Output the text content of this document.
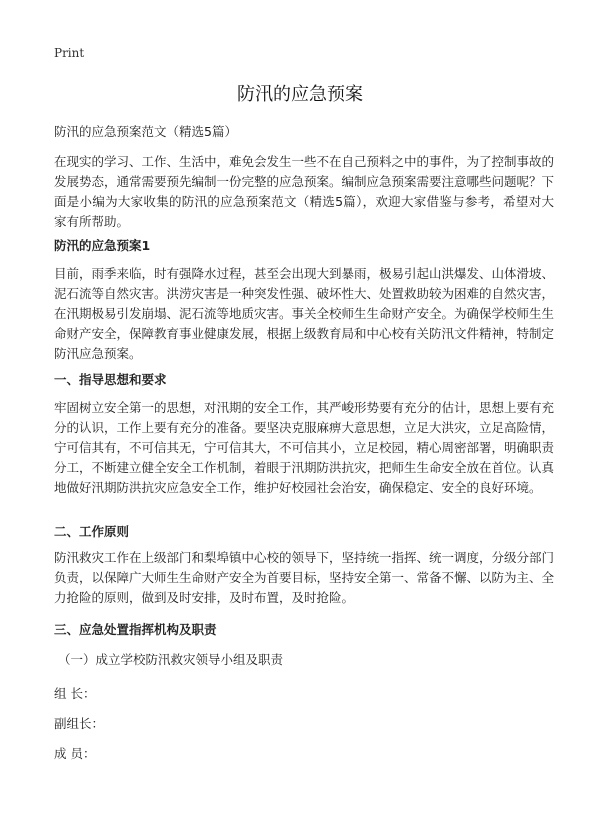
Print
防汛的应急预案
防汛的应急预案范文（精选5篇）

在现实的学习、工作、生活中，难免会发生一些不在自己预料之中的事件，为了控制事故的发展势态，通常需要预先编制一份完整的应急预案。编制应急预案需要注意哪些问题呢？下面是小编为大家收集的防汛的应急预案范文（精选5篇），欢迎大家借鉴与参考，希望对大家有所帮助。

防汛的应急预案1

目前，雨季来临，时有强降水过程，甚至会出现大到暴雨，极易引起山洪爆发、山体滑坡、泥石流等自然灾害。洪涝灾害是一种突发性强、破坏性大、处置救助较为困难的自然灾害，在汛期极易引发崩塌、泥石流等地质灾害。事关全校师生生命财产安全。为确保学校师生生命财产安全，保障教育事业健康发展，根据上级教育局和中心校有关防汛文件精神，特制定防汛应急预案。

一、指导思想和要求

牢固树立安全第一的思想，对汛期的安全工作，其严峻形势要有充分的估计，思想上要有充分的认识，工作上要有充分的准备。要坚决克服麻痹大意思想，立足大洪灾，立足高险情，宁可信其有，不可信其无，宁可信其大，不可信其小，立足校园，精心周密部署，明确职责分工，不断建立健全安全工作机制，着眼于汛期防洪抗灾，把师生生命安全放在首位。认真地做好汛期防洪抗灾应急安全工作，维护好校园社会治安，确保稳定、安全的良好环境。

二、工作原则

防汛救灾工作在上级部门和梨埠镇中心校的领导下，坚持统一指挥、统一调度，分级分部门负责，以保障广大师生生命财产安全为首要目标，坚持安全第一、常备不懈、以防为主、全力抢险的原则，做到及时安排，及时布置，及时抢险。

三、应急处置指挥机构及职责
（一）成立学校防汛救灾领导小组及职责
组 长：
副组长：
成 员：
